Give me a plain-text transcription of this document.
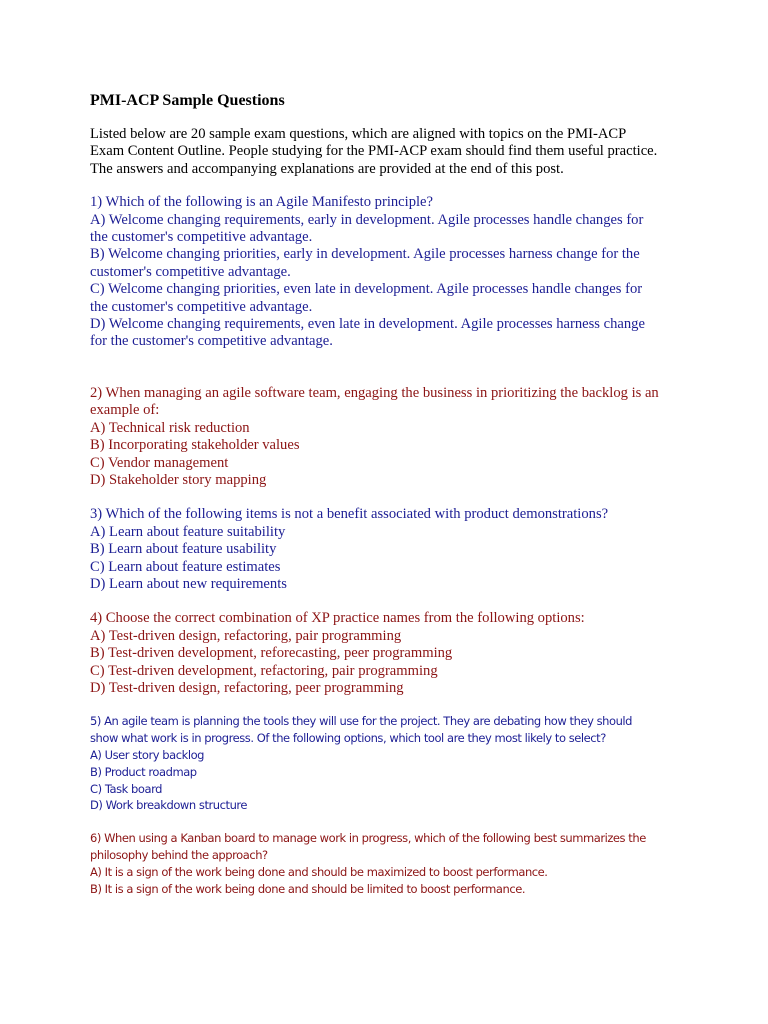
PMI-ACP Sample Questions
Listed below are 20 sample exam questions, which are aligned with topics on the PMI-ACP
Exam Content Outline. People studying for the PMI-ACP exam should find them useful practice.
The answers and accompanying explanations are provided at the end of this post.
1) Which of the following is an Agile Manifesto principle?
A) Welcome changing requirements, early in development. Agile processes handle changes for
the customer's competitive advantage.
B) Welcome changing priorities, early in development. Agile processes harness change for the
customer's competitive advantage.
C) Welcome changing priorities, even late in development. Agile processes handle changes for
the customer's competitive advantage.
D) Welcome changing requirements, even late in development. Agile processes harness change
for the customer's competitive advantage.
2) When managing an agile software team, engaging the business in prioritizing the backlog is an
example of:
A) Technical risk reduction
B) Incorporating stakeholder values
C) Vendor management
D) Stakeholder story mapping
3) Which of the following items is not a benefit associated with product demonstrations?
A) Learn about feature suitability
B) Learn about feature usability
C) Learn about feature estimates
D) Learn about new requirements
4) Choose the correct combination of XP practice names from the following options:
A) Test-driven design, refactoring, pair programming
B) Test-driven development, reforecasting, peer programming
C) Test-driven development, refactoring, pair programming
D) Test-driven design, refactoring, peer programming
5) An agile team is planning the tools they will use for the project. They are debating how they should
show what work is in progress. Of the following options, which tool are they most likely to select?
A) User story backlog
B) Product roadmap
C) Task board
D) Work breakdown structure
6) When using a Kanban board to manage work in progress, which of the following best summarizes the
philosophy behind the approach?
A) It is a sign of the work being done and should be maximized to boost performance.
B) It is a sign of the work being done and should be limited to boost performance.
